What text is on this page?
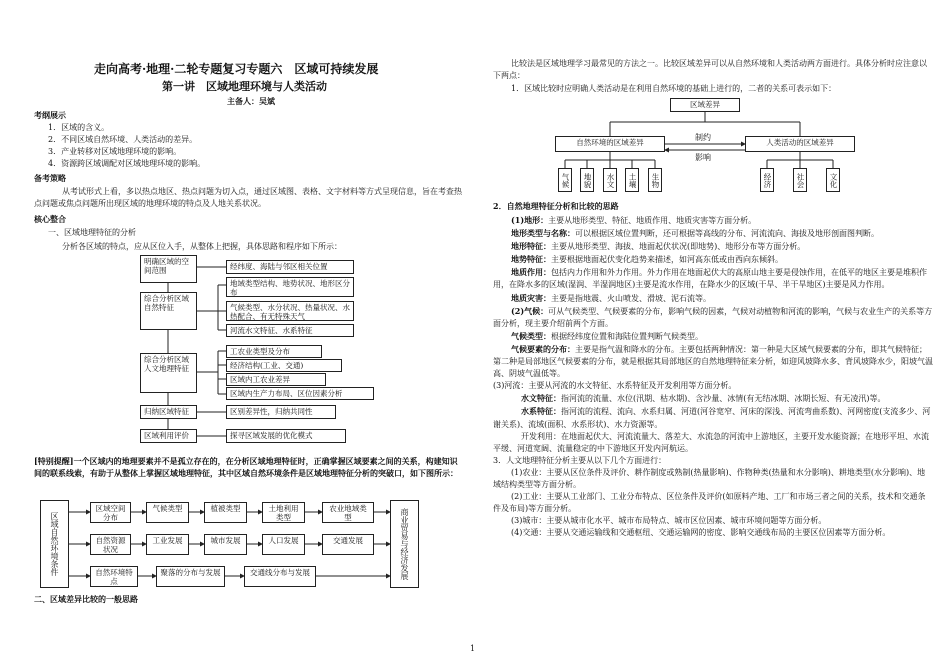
走向高考·地理·二轮专题复习专题六　区域可持续发展
第一讲　区域地理环境与人类活动
主备人：吴斌
考纲展示
1．区域的含义。
2．不同区域自然环境、人类活动的差异。
3．产业转移对区域地理环境的影响。
4．资源跨区域调配对区域地理环境的影响。
备考策略
从考试形式上看，多以热点地区、热点问题为切入点，通过区域图、表格、文字材料等方式呈现信息，旨在考查热点问题或焦点问题所出现区域的地理环境的特点及人地关系状况。
核心整合
一、区域地理特征的分析
分析各区域的特点，应从区位入手，从整体上把握，具体思路和程序如下所示：
明确区域的空间范围	经纬度、海陆与邻区相关位置
综合分析区域自然特征
地域类型结构、地势状况、地形区分布
气候类型、水分状况、热量状况、水热配合、有无特殊天气
河流水文特征、水系特征
综合分析区域人文地理特征
工农业类型及分布
经济结构(工业、交通)
区域内工农业差异
区域内生产力布局、区位因素分析
归纳区域特征	区别差异性，归纳共同性
区域利用评价	探寻区域发展的优化模式
[特别提醒]一个区域内的地理要素并不是孤立存在的，在分析区域地理特征时，正确掌握区域要素之间的关系，构建知识间的联系线索，有助于从整体上掌握区域地理特征，其中区域自然环境条件是区域地理特征分析的突破口，如下图所示：
区域自然环境条件	商业贸易与经济发展
区域空间分布
气候类型	植被类型	土地利用类型
农业地域类型
自然资源状况
工业发展	城市发展	人口发展	交通发展
自然环境特点
聚落的分布与发展	交通线分布与发展
二、区域差异比较的一般思路
比较法是区域地理学习最常见的方法之一。比较区域差异可以从自然环境和人类活动两方面进行。具体分析时应注意以下两点：
1．区域比较时应明确人类活动是在利用自然环境的基础上进行的，二者的关系可表示如下：
区域差异
自然环境的区域差异	人类活动的区域差异
制约
影响
气候	地貌	水文	土壤	生物	经济	社会	文化
2．自然地理特征分析和比较的思路

(1)地形：主要从地形类型、特征、地质作用、地质灾害等方面分析。

地形类型与名称：可以根据区域位置判断，还可根据等高线的分布、河流流向、海拔及地形剖面图判断。

地形特征：主要从地形类型、海拔、地面起伏状况(即地势)、地形分布等方面分析。

地势特征：主要根据地面起伏变化趋势来描述，如河高东低或由西向东倾斜。

地质作用：包括内力作用和外力作用。外力作用在地面起伏大的高原山地主要是侵蚀作用，在低平的地区主要是堆积作用，在降水多的区域(湿润、半湿润地区)主要是流水作用，在降水少的区域(干旱、半干旱地区)主要是风力作用。

地质灾害：主要是指地震、火山喷发、滑坡、泥石流等。

(2)气候：可从气候类型、气候要素的分布，影响气候的因素，气候对动植物和河流的影响，气候与农业生产的关系等方面分析，现主要介绍前两个方面。

气候类型：根据经纬度位置和海陆位置判断气候类型。

气候要素的分布：主要是指气温和降水的分布。主要包括两种情况：第一种是大区域气候要素的分布，即其气候特征；第二种是局部地区气候要素的分布，就是根据其局部地区的自然地理特征来分析，如迎风坡降水多、背风坡降水少，阳坡气温高、阴坡气温低等。

(3)河流：主要从河流的水文特征、水系特征及开发利用等方面分析。

水文特征：指河流的流量、水位(汛期、枯水期)、含沙量、冰情(有无结冰期、冰期长短、有无凌汛)等。

水系特征：指河流的流程、流向、水系归属、河道(河谷宽窄、河床的深浅、河流弯曲系数)、河网密度(支流多少、河谢关系)、流域(面积、水系形状)、水力资源等。

开发利用：在地面起伏大、河流流量大、落差大、水流急的河流中上游地区，主要开发水能资源；在地形平坦、水流平缓、河道宽阔、流量稳定的中下游地区开发内河航运。

3．人文地理特征分析主要从以下几个方面进行：

(1)农业：主要从区位条件及评价、耕作制度或熟制(热量影响)、作物种类(热量和水分影响)、耕地类型(水分影响)、地域结构类型等方面分析。

(2)工业：主要从工业部门、工业分布特点、区位条件及评价(如原料产地、工厂和市场三者之间的关系，技术和交通条件及布局)等方面分析。

(3)城市：主要从城市化水平、城市布局特点、城市区位因素、城市环境问题等方面分析。

(4)交通：主要从交通运输线和交通枢纽、交通运输网的密度、影响交通线布局的主要区位因素等方面分析。

1
